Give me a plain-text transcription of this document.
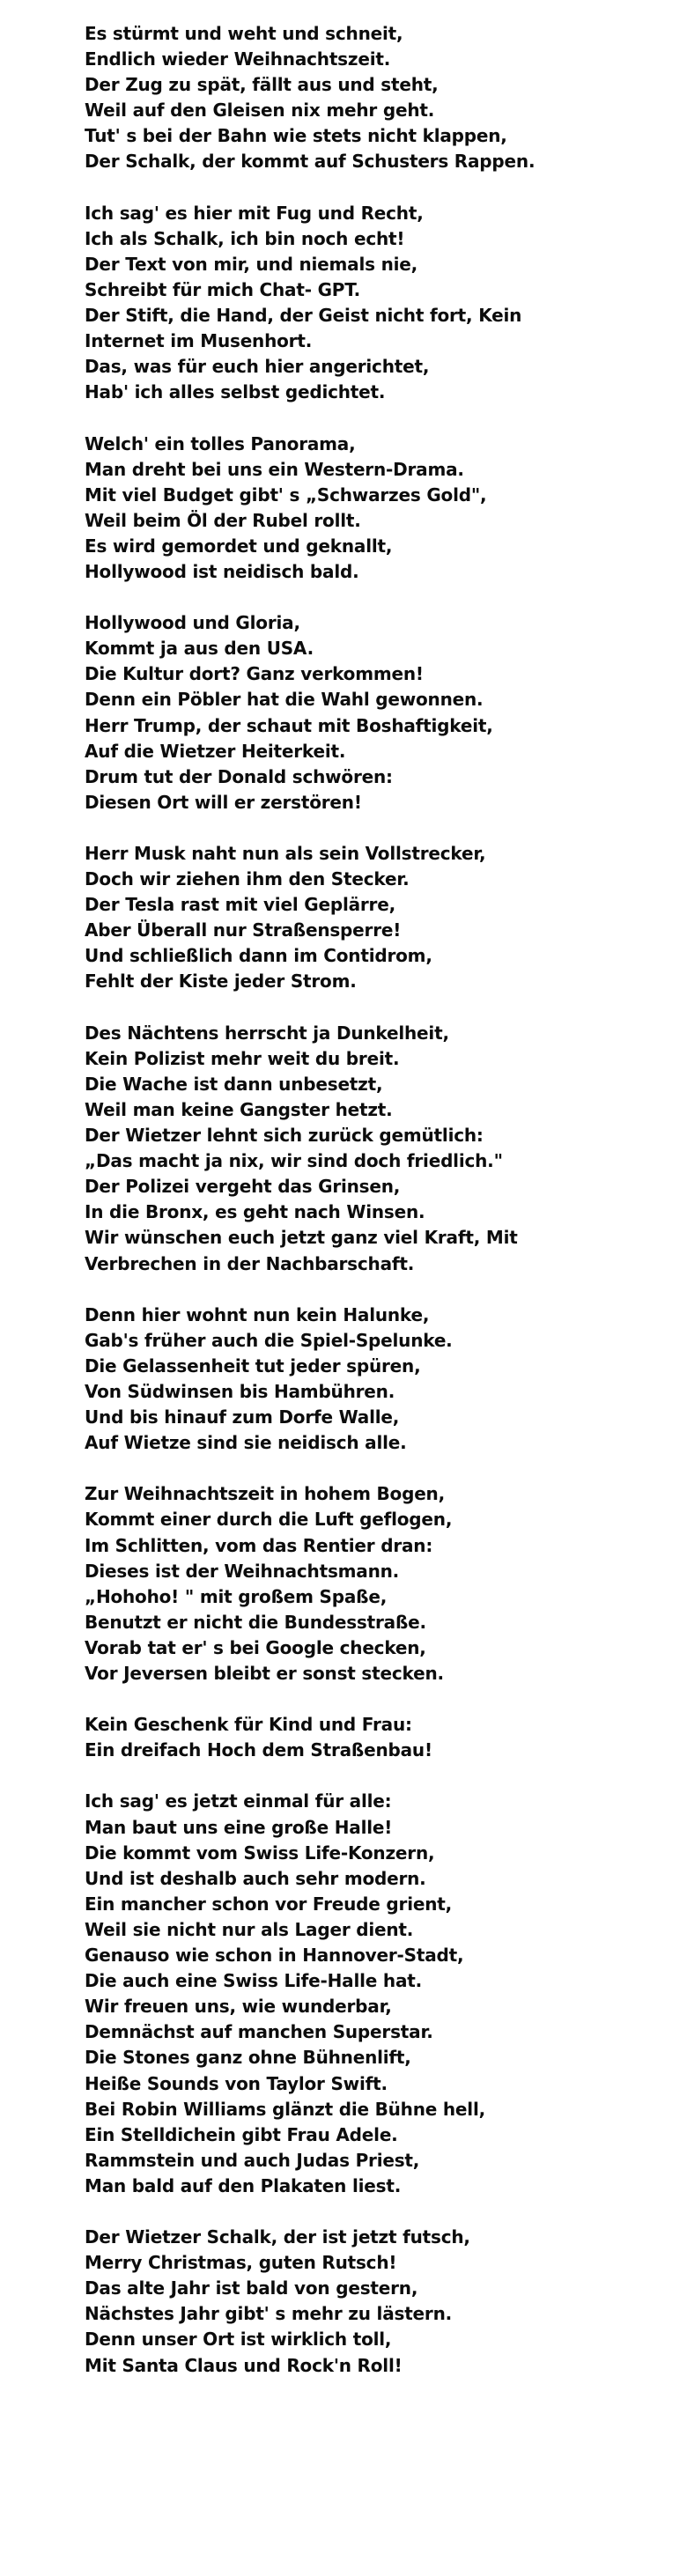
Es stürmt und weht und schneit,
Endlich wieder Weihnachtszeit.
Der Zug zu spät, fällt aus und steht,
Weil auf den Gleisen nix mehr geht.
Tut' s bei der Bahn wie stets nicht klappen,
Der Schalk, der kommt auf Schusters Rappen.
Ich sag' es hier mit Fug und Recht,
Ich als Schalk, ich bin noch echt!
Der Text von mir, und niemals nie,
Schreibt für mich Chat- GPT.
Der Stift, die Hand, der Geist nicht fort, Kein
Internet im Musenhort.
Das, was für euch hier angerichtet,
Hab' ich alles selbst gedichtet.
Welch' ein tolles Panorama,
Man dreht bei uns ein Western-Drama.
Mit viel Budget gibt' s „Schwarzes Gold",
Weil beim Öl der Rubel rollt.
Es wird gemordet und geknallt,
Hollywood ist neidisch bald.
Hollywood und Gloria,
Kommt ja aus den USA.
Die Kultur dort? Ganz verkommen!
Denn ein Pöbler hat die Wahl gewonnen.
Herr Trump, der schaut mit Boshaftigkeit,
Auf die Wietzer Heiterkeit.
Drum tut der Donald schwören:
Diesen Ort will er zerstören!
Herr Musk naht nun als sein Vollstrecker,
Doch wir ziehen ihm den Stecker.
Der Tesla rast mit viel Geplärre,
Aber Überall nur Straßensperre!
Und schließlich dann im Contidrom,
Fehlt der Kiste jeder Strom.
Des Nächtens herrscht ja Dunkelheit,
Kein Polizist mehr weit du breit.
Die Wache ist dann unbesetzt,
Weil man keine Gangster hetzt.
Der Wietzer lehnt sich zurück gemütlich:
„Das macht ja nix, wir sind doch friedlich."
Der Polizei vergeht das Grinsen,
In die Bronx, es geht nach Winsen.
Wir wünschen euch jetzt ganz viel Kraft, Mit
Verbrechen in der Nachbarschaft.
Denn hier wohnt nun kein Halunke,
Gab's früher auch die Spiel-Spelunke.
Die Gelassenheit tut jeder spüren,
Von Südwinsen bis Hambühren.
Und bis hinauf zum Dorfe Walle,
Auf Wietze sind sie neidisch alle.
Zur Weihnachtszeit in hohem Bogen,
Kommt einer durch die Luft geflogen,
Im Schlitten, vom das Rentier dran:
Dieses ist der Weihnachtsmann.
„Hohoho! " mit großem Spaße,
Benutzt er nicht die Bundesstraße.
Vorab tat er' s bei Google checken,
Vor Jeversen bleibt er sonst stecken.
Kein Geschenk für Kind und Frau:
Ein dreifach Hoch dem Straßenbau!
Ich sag' es jetzt einmal für alle:
Man baut uns eine große Halle!
Die kommt vom Swiss Life-Konzern,
Und ist deshalb auch sehr modern.
Ein mancher schon vor Freude grient,
Weil sie nicht nur als Lager dient.
Genauso wie schon in Hannover-Stadt,
Die auch eine Swiss Life-Halle hat.
Wir freuen uns, wie wunderbar,
Demnächst auf manchen Superstar.
Die Stones ganz ohne Bühnenlift,
Heiße Sounds von Taylor Swift.
Bei Robin Williams glänzt die Bühne hell,
Ein Stelldichein gibt Frau Adele.
Rammstein und auch Judas Priest,
Man bald auf den Plakaten liest.
Der Wietzer Schalk, der ist jetzt futsch,
Merry Christmas, guten Rutsch!
Das alte Jahr ist bald von gestern,
Nächstes Jahr gibt' s mehr zu lästern.
Denn unser Ort ist wirklich toll,
Mit Santa Claus und Rock'n Roll!
